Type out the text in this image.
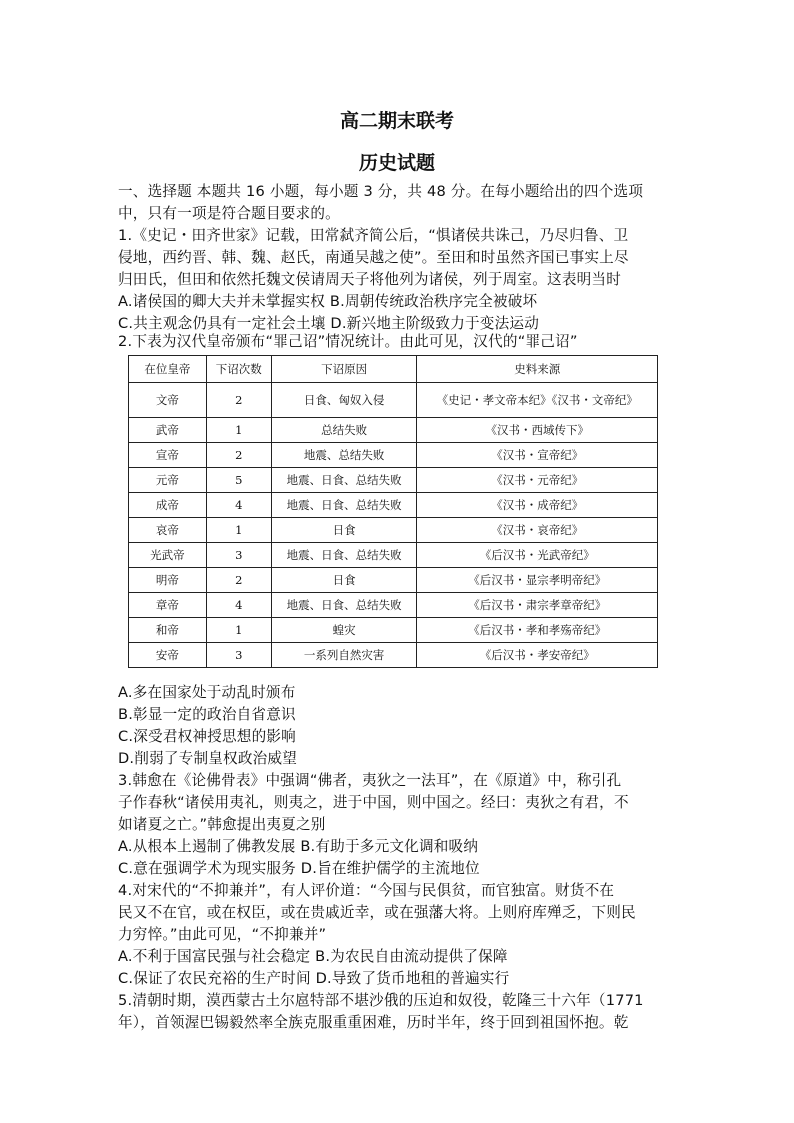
高二期末联考
历史试题
一、选择题 本题共 16 小题，每小题 3 分，共 48 分。在每小题给出的四个选项
中，只有一项是符合题目要求的。
1.《史记・田齐世家》记载，田常弑齐简公后，“惧诸侯共诛己，乃尽归鲁、卫
侵地，西约晋、韩、魏、赵氏，南通吴越之使”。至田和时虽然齐国已事实上尽
归田氏，但田和依然托魏文侯请周天子将他列为诸侯，列于周室。这表明当时
A.诸侯国的卿大夫并未掌握实权 B.周朝传统政治秩序完全被破坏
C.共主观念仍具有一定社会土壤 D.新兴地主阶级致力于变法运动
2.下表为汉代皇帝颁布“罪己诏”情况统计。由此可见，汉代的“罪己诏”
在位皇帝	下诏次数	下诏原因	史料来源
文帝	2	日食、匈奴入侵	《史记・孝文帝本纪》《汉书・文帝纪》
武帝	1	总结失败	《汉书・西域传下》
宣帝	2	地震、总结失败	《汉书・宣帝纪》
元帝	5	地震、日食、总结失败	《汉书・元帝纪》
成帝	4	地震、日食、总结失败	《汉书・成帝纪》
哀帝	1	日食	《汉书・哀帝纪》
光武帝	3	地震、日食、总结失败	《后汉书・光武帝纪》
明帝	2	日食	《后汉书・显宗孝明帝纪》
章帝	4	地震、日食、总结失败	《后汉书・肃宗孝章帝纪》
和帝	1	蝗灾	《后汉书・孝和孝殇帝纪》
安帝	3	一系列自然灾害	《后汉书・孝安帝纪》
A.多在国家处于动乱时颁布
B.彰显一定的政治自省意识
C.深受君权神授思想的影响
D.削弱了专制皇权政治威望
3.韩愈在《论佛骨表》中强调“佛者，夷狄之一法耳”，在《原道》中，称引孔
子作春秋“诸侯用夷礼，则夷之，进于中国，则中国之。经曰：夷狄之有君，不
如诸夏之亡。”韩愈提出夷夏之别
A.从根本上遏制了佛教发展 B.有助于多元文化调和吸纳
C.意在强调学术为现实服务 D.旨在维护儒学的主流地位
4.对宋代的“不抑兼并”，有人评价道：“今国与民俱贫，而官独富。财货不在
民又不在官，或在权臣，或在贵戚近幸，或在强藩大将。上则府库殚乏，下则民
力穷悴。”由此可见，“不抑兼并”
A.不利于国富民强与社会稳定 B.为农民自由流动提供了保障
C.保证了农民充裕的生产时间 D.导致了货币地租的普遍实行
5.清朝时期，漠西蒙古土尔扈特部不堪沙俄的压迫和奴役，乾隆三十六年（1771
年），首领渥巴锡毅然率全族克服重重困难，历时半年，终于回到祖国怀抱。乾
